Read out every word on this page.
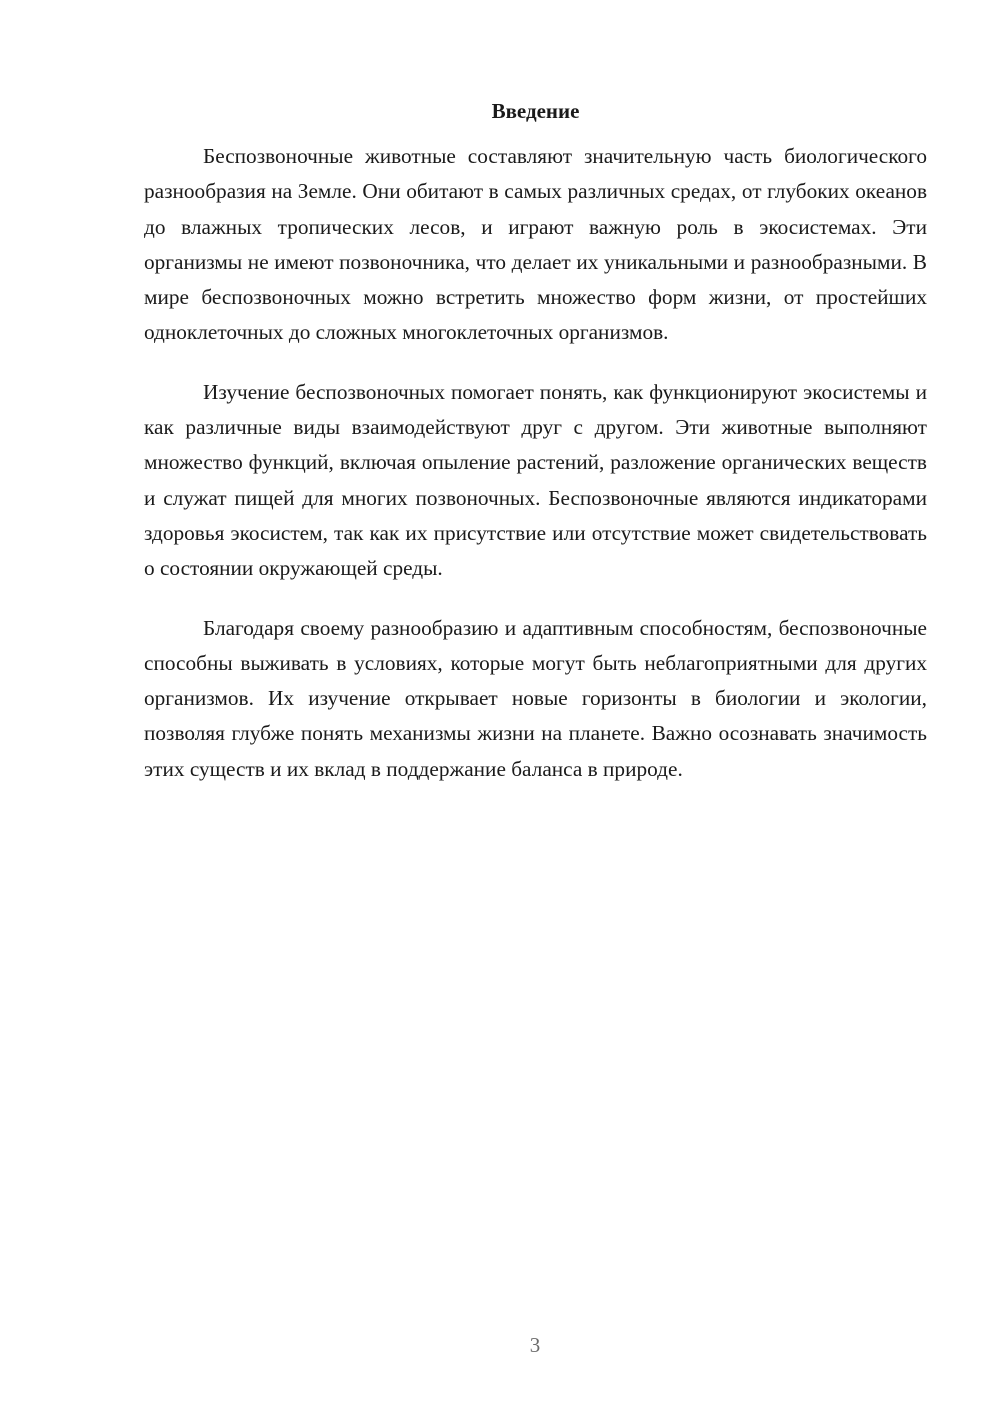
Введение

Беспозвоночные животные составляют значительную часть биологического разнообразия на Земле. Они обитают в самых различных средах, от глубоких океанов до влажных тропических лесов, и играют важную роль в экосистемах. Эти организмы не имеют позвоночника, что делает их уникальными и разнообразными. В мире беспозвоночных можно встретить множество форм жизни, от простейших одноклеточных до сложных многоклеточных организмов.

Изучение беспозвоночных помогает понять, как функционируют экосистемы и как различные виды взаимодействуют друг с другом. Эти животные выполняют множество функций, включая опыление растений, разложение органических веществ и служат пищей для многих позвоночных. Беспозвоночные являются индикаторами здоровья экосистем, так как их присутствие или отсутствие может свидетельствовать о состоянии окружающей среды.

Благодаря своему разнообразию и адаптивным способностям, беспозвоночные способны выживать в условиях, которые могут быть неблагоприятными для других организмов. Их изучение открывает новые горизонты в биологии и экологии, позволяя глубже понять механизмы жизни на планете. Важно осознавать значимость этих существ и их вклад в поддержание баланса в природе.

3
